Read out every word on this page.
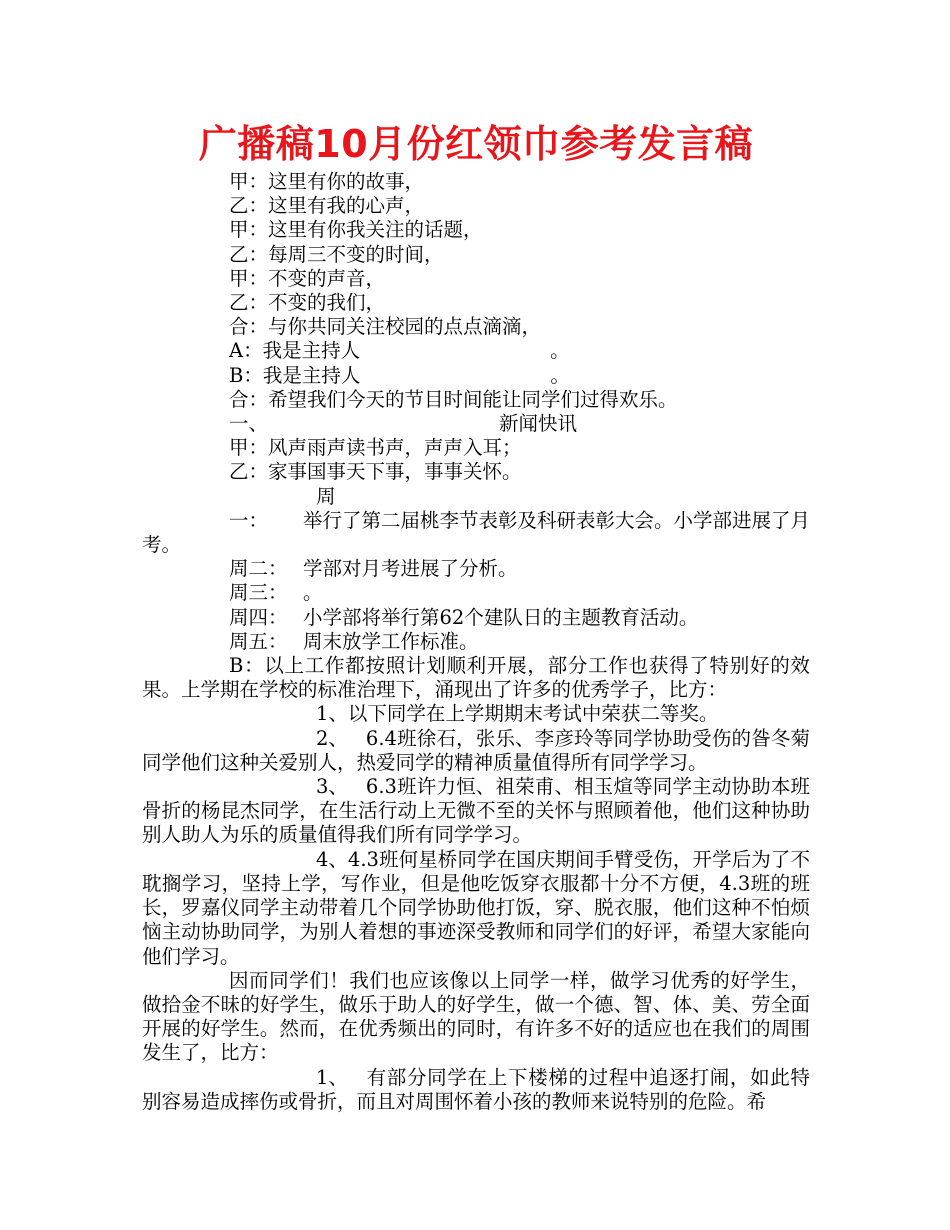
广播稿10月份红领巾参考发言稿
甲：这里有你的故事，
乙：这里有我的心声，
甲：这里有你我关注的话题，
乙：每周三不变的时间，
甲：不变的声音，
乙：不变的我们，
合：与你共同关注校园的点点滴滴，
A：我是主持人	。
B：我是主持人	。
合：希望我们今天的节目时间能让同学们过得欢乐。
一、	新闻快讯
甲：风声雨声读书声，声声入耳；
乙：家事国事天下事，事事关怀。
周一： 举行了第二届桃李节表彰及科研表彰大会。小学部进展了月考。
周二： 学部对月考进展了分析。
周三： 。
周四： 小学部将举行第62个建队日的主题教育活动。
周五： 周末放学工作标准。
B：以上工作都按照计划顺利开展，部分工作也获得了特别好的效果。上学期在学校的标准治理下，涌现出了许多的优秀学子，比方：
1、以下同学在上学期期末考试中荣获二等奖。
2、 6.4班徐石，张乐、李彦玲等同学协助受伤的昝冬菊同学他们这种关爱别人，热爱同学的精神质量值得所有同学学习。
3、 6.3班许力恒、祖荣甫、相玉煊等同学主动协助本班骨折的杨昆杰同学，在生活行动上无微不至的关怀与照顾着他，他们这种协助别人助人为乐的质量值得我们所有同学学习。
4、4.3班何星桥同学在国庆期间手臂受伤，开学后为了不耽搁学习，坚持上学，写作业，但是他吃饭穿衣服都十分不方便，4.3班的班长，罗嘉仪同学主动带着几个同学协助他打饭，穿、脱衣服，他们这种不怕烦恼主动协助同学，为别人着想的事迹深受教师和同学们的好评，希望大家能向他们学习。
因而同学们！我们也应该像以上同学一样，做学习优秀的好学生，做拾金不昧的好学生，做乐于助人的好学生，做一个德、智、体、美、劳全面开展的好学生。然而，在优秀频出的同时，有许多不好的适应也在我们的周围发生了，比方：
1、 有部分同学在上下楼梯的过程中追逐打闹，如此特别容易造成摔伤或骨折，而且对周围怀着小孩的教师来说特别的危险。希
